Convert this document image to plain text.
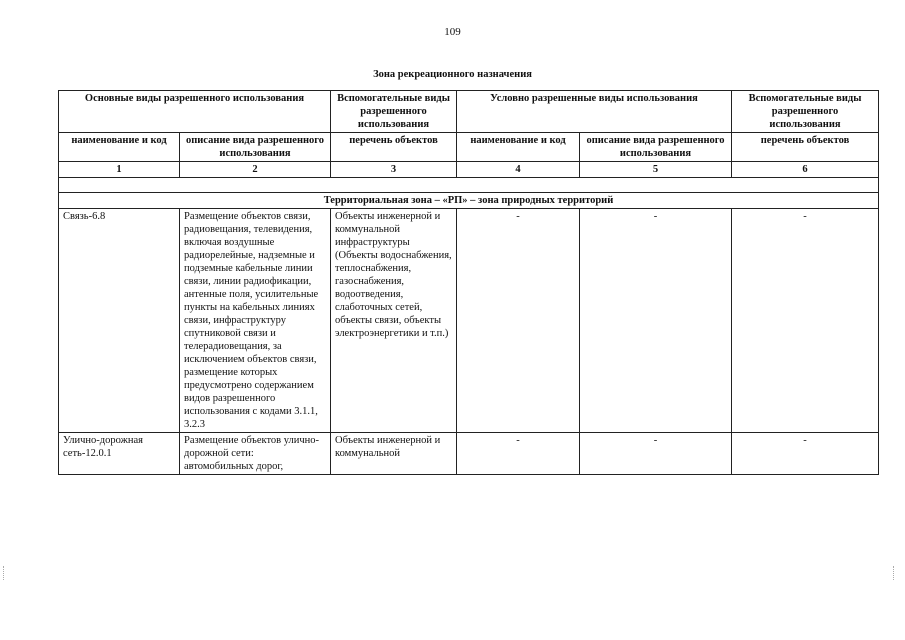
109
Зона рекреационного назначения
Основные виды разрешенного использования		Вспомогательные виды разрешенного использования	Условно разрешенные виды использования		Вспомогательные виды разрешенного использования
наименование и код	описание вида разрешенного использования	перечень объектов	наименование и код	описание вида разрешенного использования	перечень объектов
1	2	3	4	5	6

Территориальная зона – «РП» – зона природных территорий					
Связь-6.8	Размещение объектов связи, радиовещания, телевидения, включая воздушные радиорелейные, надземные и подземные кабельные линии связи, линии радиофикации, антенные поля, усилительные пункты на кабельных линиях связи, инфраструктуру спутниковой связи и телерадиовещания, за исключением объектов связи, размещение которых предусмотрено содержанием видов разрешенного использования с кодами 3.1.1, 3.2.3	Объекты инженерной и коммунальной инфраструктуры (Объекты водоснабжения, теплоснабжения, газоснабжения, водоотведения, слаботочных сетей, объекты связи, объекты электроэнергетики и т.п.)	-	-	-
Улично-дорожная сеть-12.0.1	Размещение объектов улично-дорожной сети: автомобильных дорог,	Объекты инженерной и коммунальной	-	-	-
